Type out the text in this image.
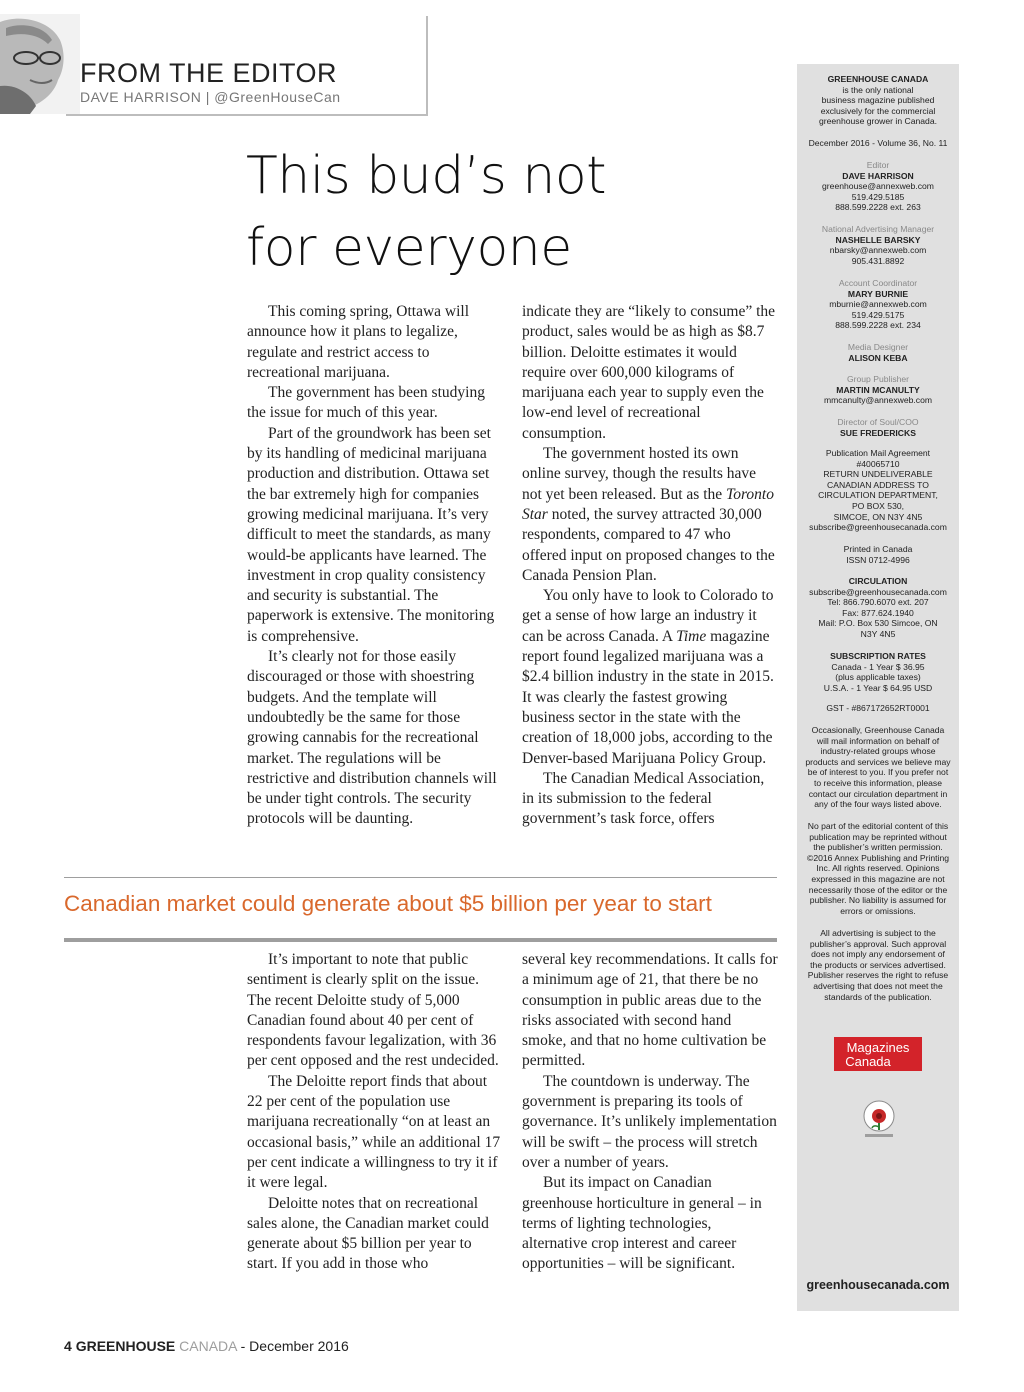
FROM THE EDITOR
DAVE HARRISON | @GreenHouseCan
This bud’s not
for everyone

This coming spring, Ottawa will announce how it plans to legalize, regulate and restrict access to recreational marijuana.

The government has been studying the issue for much of this year.

Part of the groundwork has been set by its handling of medicinal marijuana production and distribution. Ottawa set the bar extremely high for companies growing medicinal marijuana. It’s very difficult to meet the standards, as many would-be applicants have learned. The investment in crop quality consistency and security is substantial. The paperwork is extensive. The monitoring is comprehensive.

It’s clearly not for those easily discouraged or those with shoestring budgets. And the template will undoubtedly be the same for those growing cannabis for the recreational market. The regulations will be restrictive and distribution channels will be under tight controls. The security protocols will be daunting.

indicate they are “likely to consume” the product, sales would be as high as $8.7 billion. Deloitte estimates it would require over 600,000 kilograms of marijuana each year to supply even the low-end level of recreational consumption.

The government hosted its own online survey, though the results have not yet been released. But as the Toronto Star noted, the survey attracted 30,000 respondents, compared to 47 who offered input on proposed changes to the Canada Pension Plan.

You only have to look to Colorado to get a sense of how large an industry it can be across Canada. A Time magazine report found legalized marijuana was a $2.4 billion industry in the state in 2015. It was clearly the fastest growing business sector in the state with the creation of 18,000 jobs, according to the Denver-based Marijuana Policy Group.

The Canadian Medical Association, in its submission to the federal government’s task force, offers

Canadian market could generate about $5 billion per year to start

It’s important to note that public sentiment is clearly split on the issue. The recent Deloitte study of 5,000 Canadian found about 40 per cent of respondents favour legalization, with 36 per cent opposed and the rest undecided.

The Deloitte report finds that about 22 per cent of the population use marijuana recreationally “on at least an occasional basis,” while an additional 17 per cent indicate a willingness to try it if it were legal.

Deloitte notes that on recreational sales alone, the Canadian market could generate about $5 billion per year to start. If you add in those who

several key recommendations. It calls for a minimum age of 21, that there be no consumption in public areas due to the risks associated with second hand smoke, and that no home cultivation be permitted.

The countdown is underway. The government is preparing its tools of governance. It’s unlikely implementation will be swift – the process will stretch over a number of years.

But its impact on Canadian greenhouse horticulture in general – in terms of lighting technologies, alternative crop interest and career opportunities – will be significant.

GREENHOUSE CANADA
is the only national
business magazine published
exclusively for the commercial
greenhouse grower in Canada.
December 2016 - Volume 36, No. 11
Editor
DAVE HARRISON
greenhouse@annexweb.com
519.429.5185
888.599.2228 ext. 263
National Advertising Manager
NASHELLE BARSKY
nbarsky@annexweb.com
905.431.8892
Account Coordinator
MARY BURNIE
mburnie@annexweb.com
519.429.5175
888.599.2228 ext. 234
Media Designer
ALISON KEBA
Group Publisher
MARTIN MCANULTY
mmcanulty@annexweb.com
Director of Soul/COO
SUE FREDERICKS
Publication Mail Agreement
#40065710
RETURN UNDELIVERABLE
CANADIAN ADDRESS TO
CIRCULATION DEPARTMENT,
PO BOX 530,
SIMCOE, ON N3Y 4N5
subscribe@greenhousecanada.com
Printed in Canada
ISSN 0712-4996
CIRCULATION
subscribe@greenhousecanada.com
Tel: 866.790.6070 ext. 207
Fax: 877.624.1940
Mail: P.O. Box 530 Simcoe, ON
N3Y 4N5
SUBSCRIPTION RATES
Canada - 1 Year $ 36.95
(plus applicable taxes)
U.S.A. - 1 Year $ 64.95 USD
GST - #867172652RT0001
Occasionally, Greenhouse Canada
will mail information on behalf of
industry-related groups whose
products and services we believe may
be of interest to you. If you prefer not
to receive this information, please
contact our circulation department in
any of the four ways listed above.
No part of the editorial content of this
publication may be reprinted without
the publisher’s written permission.
©2016 Annex Publishing and Printing
Inc. All rights reserved. Opinions
expressed in this magazine are not
necessarily those of the editor or the
publisher. No liability is assumed for
errors or omissions.
All advertising is subject to the
publisher’s approval. Such approval
does not imply any endorsement of
the products or services advertised.
Publisher reserves the right to refuse
advertising that does not meet the
standards of the publication.
greenhousecanada.com
Magazines
Canada
4 GREENHOUSE CANADA - December 2016
